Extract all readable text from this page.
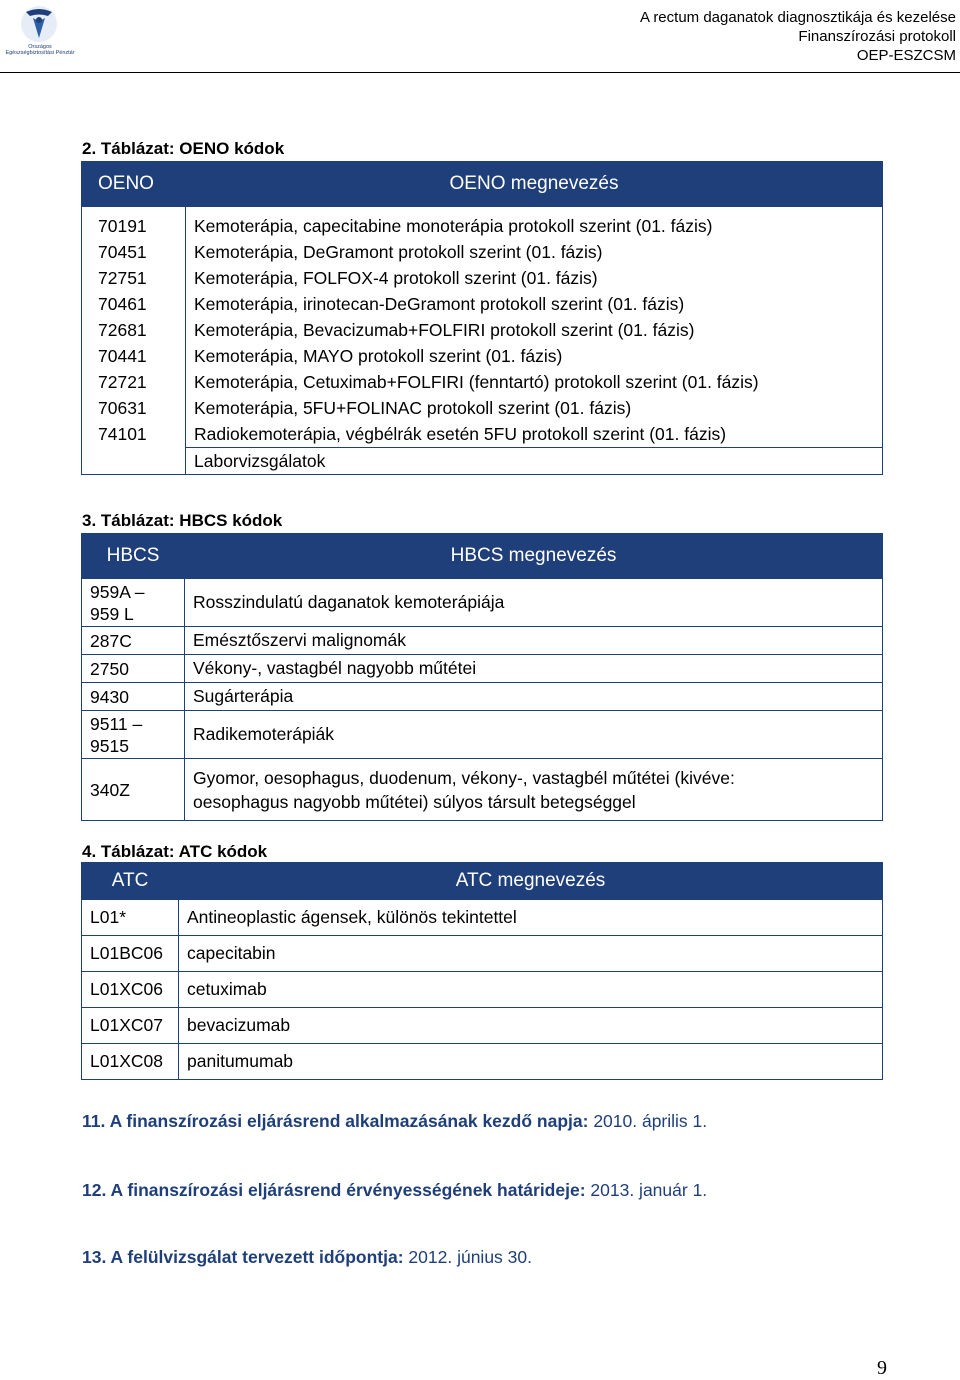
Országos Egészségbiztosítási Pénztár
A rectum daganatok diagnosztikája és kezelése
Finanszírozási protokoll
OEP-ESZCSM
2. Táblázat: OENO kódok
OENO	OENO megnevezés
70191	Kemoterápia, capecitabine monoterápia protokoll szerint (01. fázis)
70451	Kemoterápia, DeGramont protokoll szerint (01. fázis)
72751	Kemoterápia, FOLFOX-4 protokoll szerint (01. fázis)
70461	Kemoterápia, irinotecan-DeGramont protokoll szerint (01. fázis)
72681	Kemoterápia, Bevacizumab+FOLFIRI protokoll szerint (01. fázis)
70441	Kemoterápia, MAYO protokoll szerint (01. fázis)
72721	Kemoterápia, Cetuximab+FOLFIRI (fenntartó) protokoll szerint (01. fázis)
70631	Kemoterápia, 5FU+FOLINAC protokoll szerint (01. fázis)
74101	Radiokemoterápia, végbélrák esetén 5FU protokoll szerint (01. fázis)
	Laborvizsgálatok
3. Táblázat: HBCS kódok
HBCS	HBCS megnevezés

959A –
959 L	Rosszindulatú daganatok kemoterápiája
287C	Emésztőszervi malignomák
2750	Vékony-, vastagbél nagyobb műtétei
9430	Sugárterápia

9511 –
9515	Radikemoterápiák
340Z	Gyomor, oesophagus, duodenum, vékony-, vastagbél műtétei (kivéve:
oesophagus nagyobb műtétei) súlyos társult betegséggel
4. Táblázat: ATC kódok
ATC	ATC megnevezés
L01*	Antineoplastic ágensek, különös tekintettel
L01BC06	capecitabin
L01XC06	cetuximab
L01XC07	bevacizumab
L01XC08	panitumumab
11. A finanszírozási eljárásrend alkalmazásának kezdő napja: 2010. április 1.
12. A finanszírozási eljárásrend érvényességének határideje: 2013. január 1.
13. A felülvizsgálat tervezett időpontja: 2012. június 30.
9
